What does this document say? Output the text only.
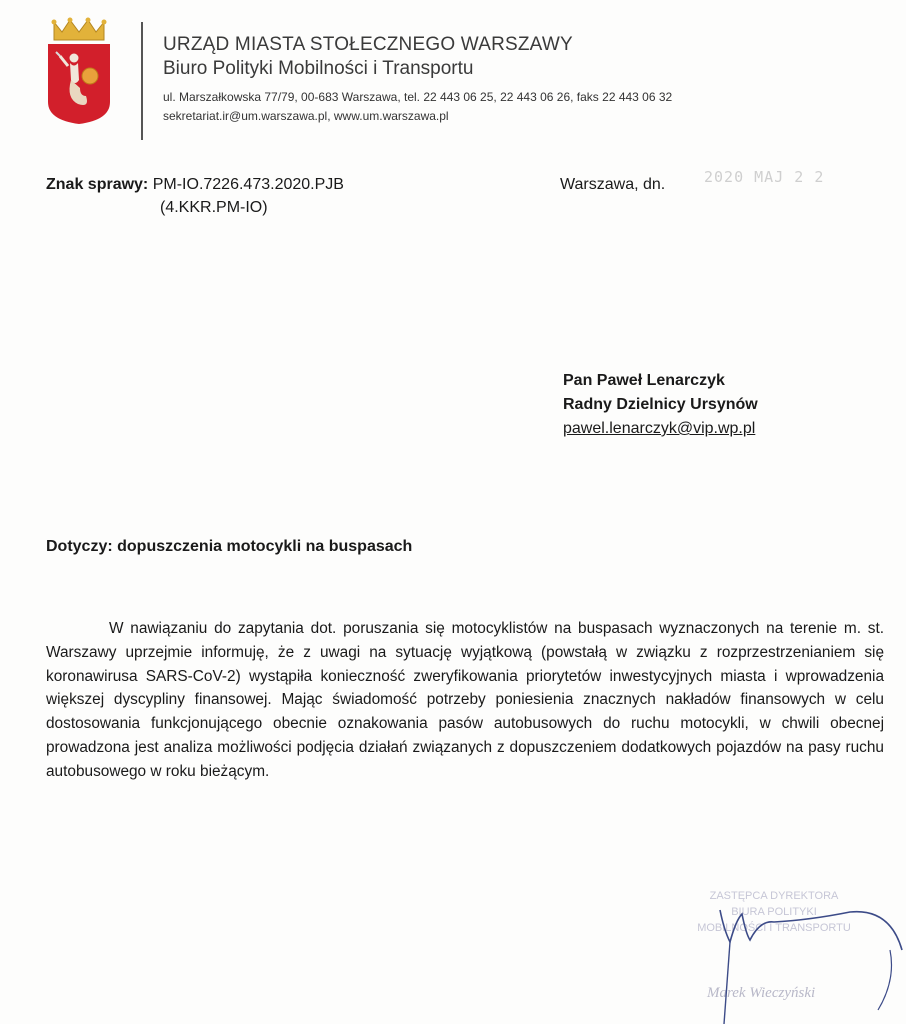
URZĄD MIASTA STOŁECZNEGO WARSZAWY
Biuro Polityki Mobilności i Transportu
ul. Marszałkowska 77/79, 00-683 Warszawa, tel. 22 443 06 25, 22 443 06 26, faks 22 443 06 32
sekretariat.ir@um.warszawa.pl, www.um.warszawa.pl
Znak sprawy: PM-IO.7226.473.2020.PJB
(4.KKR.PM-IO)
Warszawa, dn.	2020 MAJ 2 2
Pan Paweł Lenarczyk
Radny Dzielnicy Ursynów
pawel.lenarczyk@vip.wp.pl
Dotyczy: dopuszczenia motocykli na buspasach
W nawiązaniu do zapytania dot. poruszania się motocyklistów na buspasach wyznaczonych na terenie m. st. Warszawy uprzejmie informuję, że z uwagi na sytuację wyjątkową (powstałą w związku z rozprzestrzenianiem się koronawirusa SARS-CoV-2) wystąpiła konieczność zweryfikowania priorytetów inwestycyjnych miasta i wprowadzenia większej dyscypliny finansowej. Mając świadomość potrzeby poniesienia znacznych nakładów finansowych w celu dostosowania funkcjonującego obecnie oznakowania pasów autobusowych do ruchu motocykli, w chwili obecnej prowadzona jest analiza możliwości podjęcia działań związanych z dopuszczeniem dodatkowych pojazdów na pasy ruchu autobusowego w roku bieżącym.
ZASTĘPCA DYREKTORA
BIURA POLITYKI
MOBILNOŚCI I TRANSPORTU
Marek Wieczyński
